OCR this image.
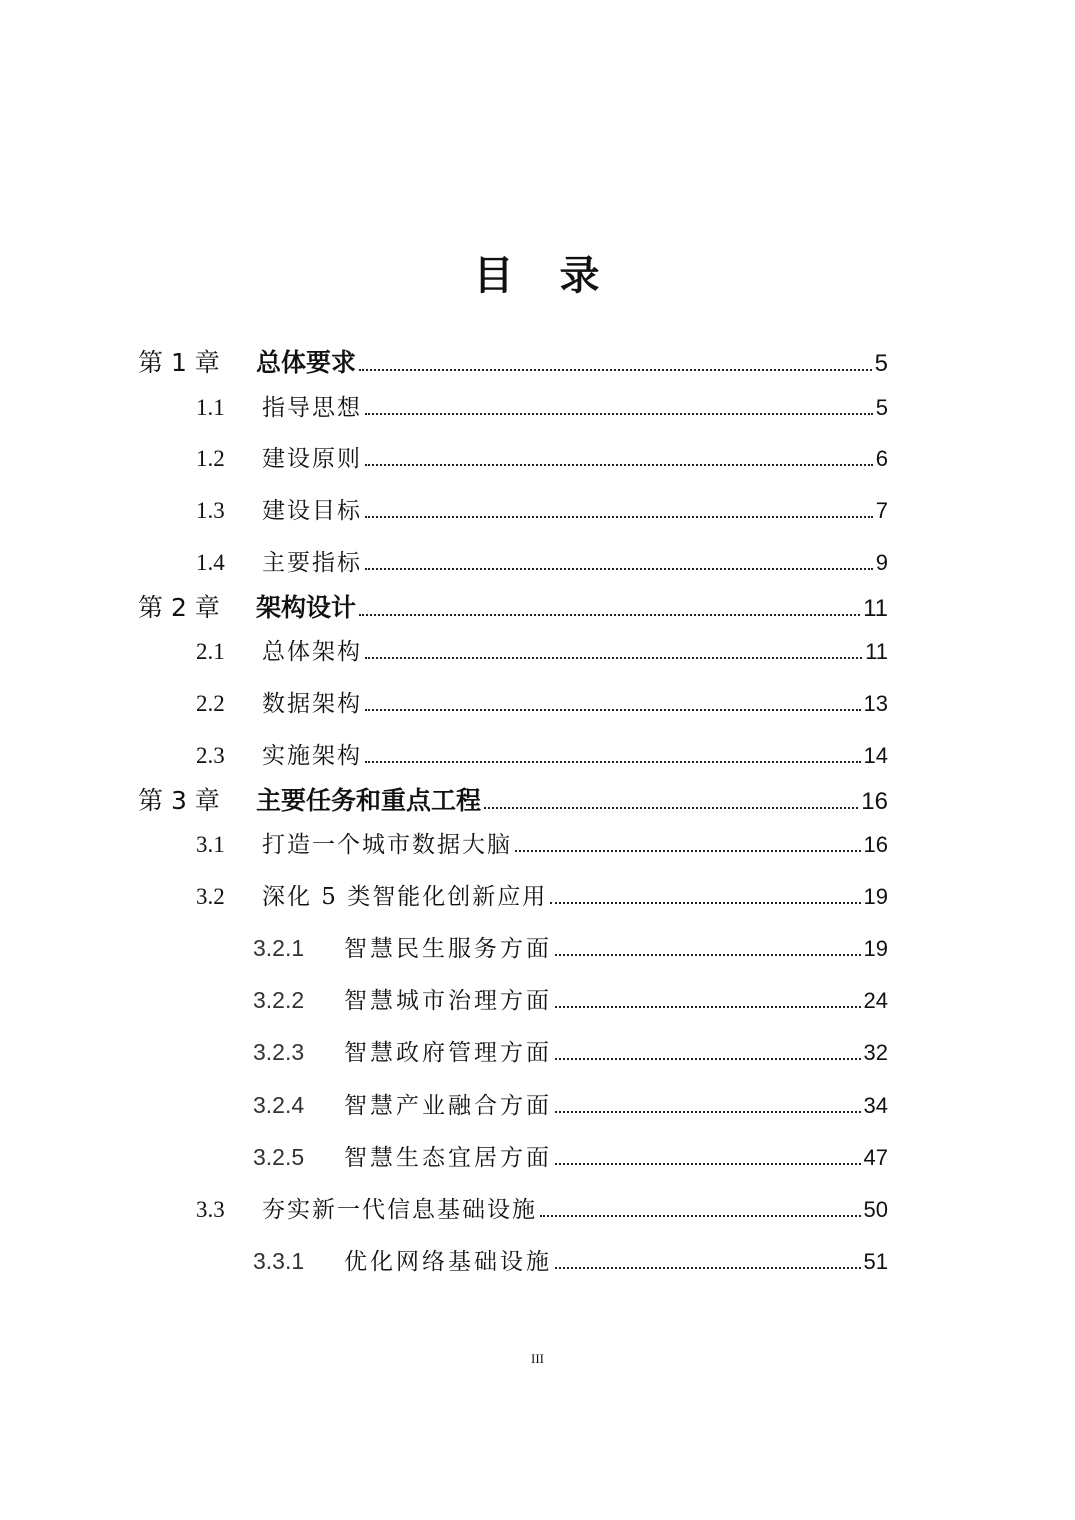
目 录
第 1 章	总体要求	5
1.1	指导思想	5
1.2	建设原则	6
1.3	建设目标	7
1.4	主要指标	9
第 2 章	架构设计	11
2.1	总体架构	11
2.2	数据架构	13
2.3	实施架构	14
第 3 章	主要任务和重点工程	16
3.1	打造一个城市数据大脑	16
3.2	深化 5 类智能化创新应用	19
3.2.1	智慧民生服务方面	19
3.2.2	智慧城市治理方面	24
3.2.3	智慧政府管理方面	32
3.2.4	智慧产业融合方面	34
3.2.5	智慧生态宜居方面	47
3.3	夯实新一代信息基础设施	50
3.3.1	优化网络基础设施	51
III
